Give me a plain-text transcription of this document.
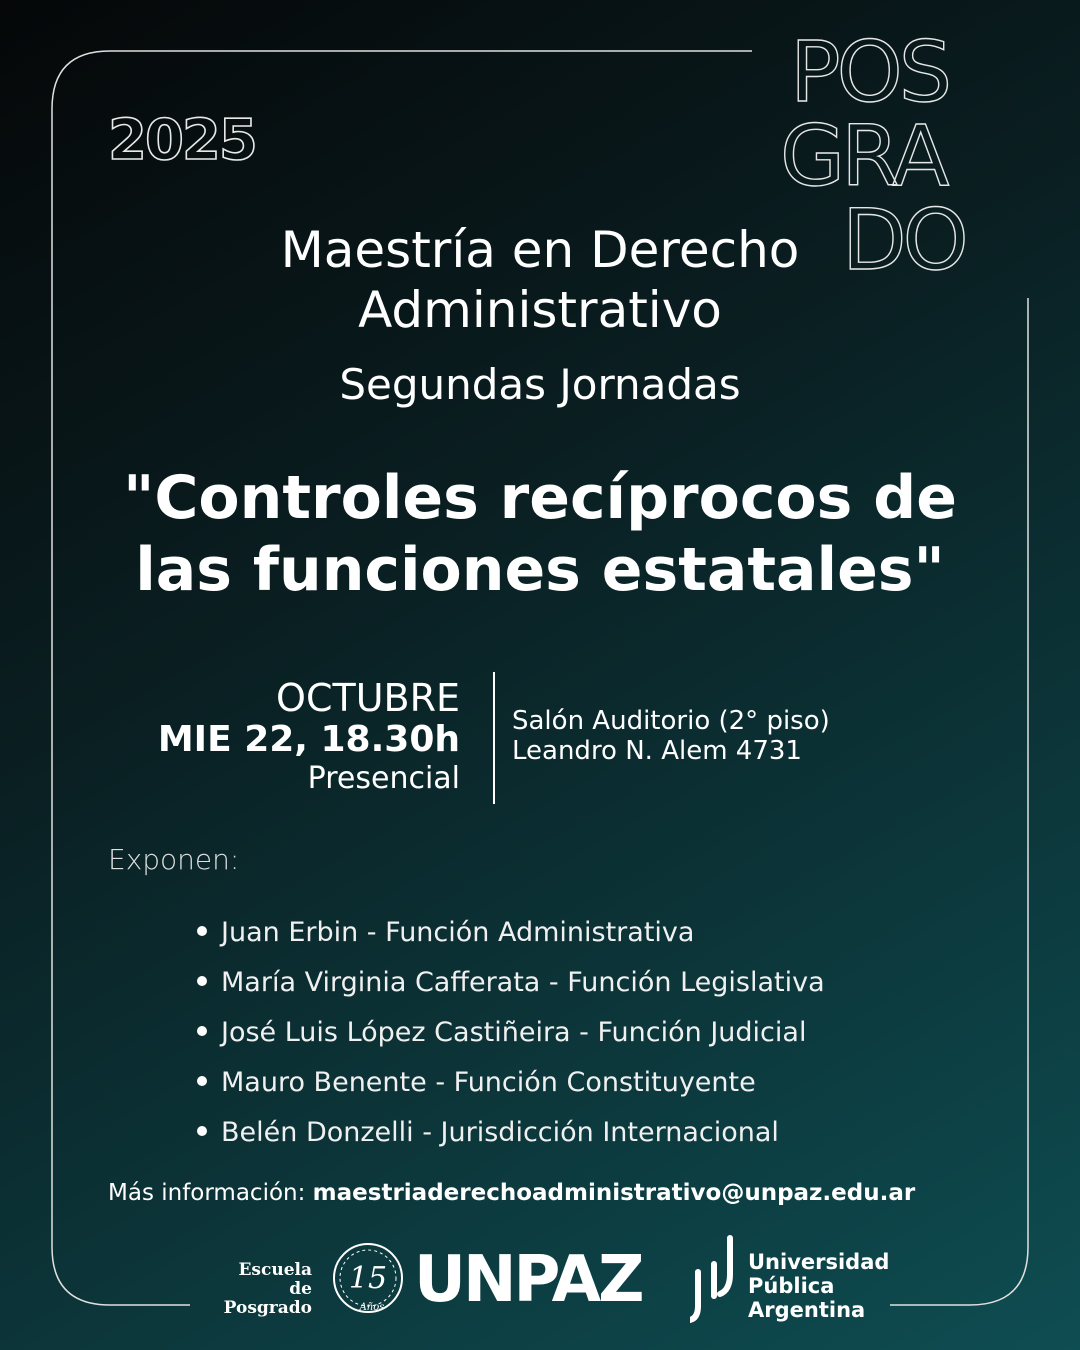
2025
POS
GRA
DO
Maestría en Derecho
Administrativo
Segundas Jornadas
"Controles recíprocos de
las funciones estatales"
OCTUBRE
MIE 22, 18.30h
Presencial
Salón Auditorio (2° piso)
Leandro N. Alem 4731
Exponen:
Juan Erbin - Función Administrativa
María Virginia Cafferata - Función Legislativa
José Luis López Castiñeira - Función Judicial
Mauro Benente - Función Constituyente
Belén Donzelli - Jurisdicción Internacional
Más información: maestriaderechoadministrativo@unpaz.edu.ar
Escuela de
Posgrado
15
Años UNPAZ	Universidad
Pública
Argentina
